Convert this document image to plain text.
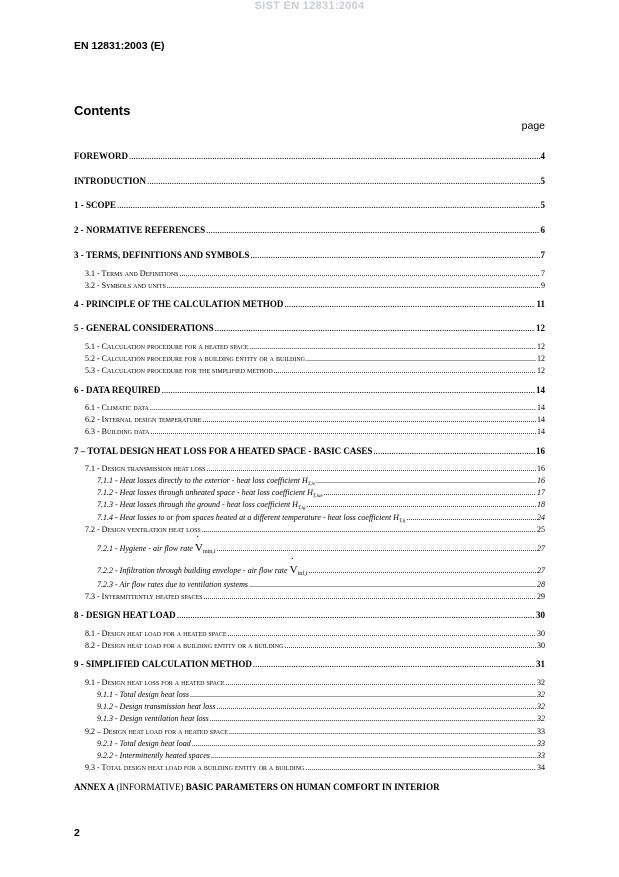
SIST EN 12831:2004
EN 12831:2003 (E)
Contents
page
FOREWORD .....	4
INTRODUCTION .....	5
1 - SCOPE .....	5
2 - NORMATIVE REFERENCES .....	6
3 - TERMS, DEFINITIONS AND SYMBOLS .....	7
3.1 - Terms and Definitions .....	7
3.2 - Symbols and units .....	9
4 - PRINCIPLE OF THE CALCULATION METHOD .....	11
5 - GENERAL CONSIDERATIONS .....	12
5.1 - Calculation procedure for a heated space .....	12
5.2 - Calculation procedure for a building entity or a building .....	12
5.3 - Calculation procedure for the simplified method .....	12
6 - DATA REQUIRED .....	14
6.1 - Climatic data .....	14
6.2 - Internal design temperature .....	14
6.3 - Building data .....	14
7 – TOTAL DESIGN HEAT LOSS FOR A HEATED SPACE - BASIC CASES .....	16
7.1 - Design transmission heat loss .....	16
7.1.1 - Heat losses directly to the exterior - heat loss coefficient $H_{T,ie}$ .....	16
7.1.2 - Heat losses through unheated space - heat loss coefficient $H_{T,iue}$ .....	17
7.1.3 - Heat losses through the ground - heat loss coefficient $H_{T,ig}$ .....	18
7.1.4 - Heat losses to or from spaces heated at a different temperature - heat loss coefficient $H_{T,ij}$ .....	24
7.2 - Design ventilation heat loss .....	25
7.2.1 - Hygiene - air flow rate · $V_{min,i}$ .....	27
7.2.2 - Infiltration through building envelope - air flow rate · $V_{inf,i}$ .....	27
7.2.3 - Air flow rates due to ventilation systems .....	28
7.3 - Intermittently heated spaces .....	29
8 - DESIGN HEAT LOAD .....	30
8.1 - Design heat load for a heated space .....	30
8.2 - Design heat load for a building entity or a building .....	30
9 - SIMPLIFIED CALCULATION METHOD .....	31
9.1 - Design heat loss for a heated space .....	32
9.1.1 - Total design heat loss .....	32
9.1.2 - Design transmission heat loss .....	32
9.1.3 - Design ventilation heat loss .....	32
9.2 – Design heat load for a heated space .....	33
9.2.1 - Total design heat load .....	33
9.2.2 - Intermittently heated spaces .....	33
9.3 - Total design heat load for a building entity or a building .....	34
ANNEX A (INFORMATIVE) BASIC PARAMETERS ON HUMAN COMFORT IN INTERIOR
2
